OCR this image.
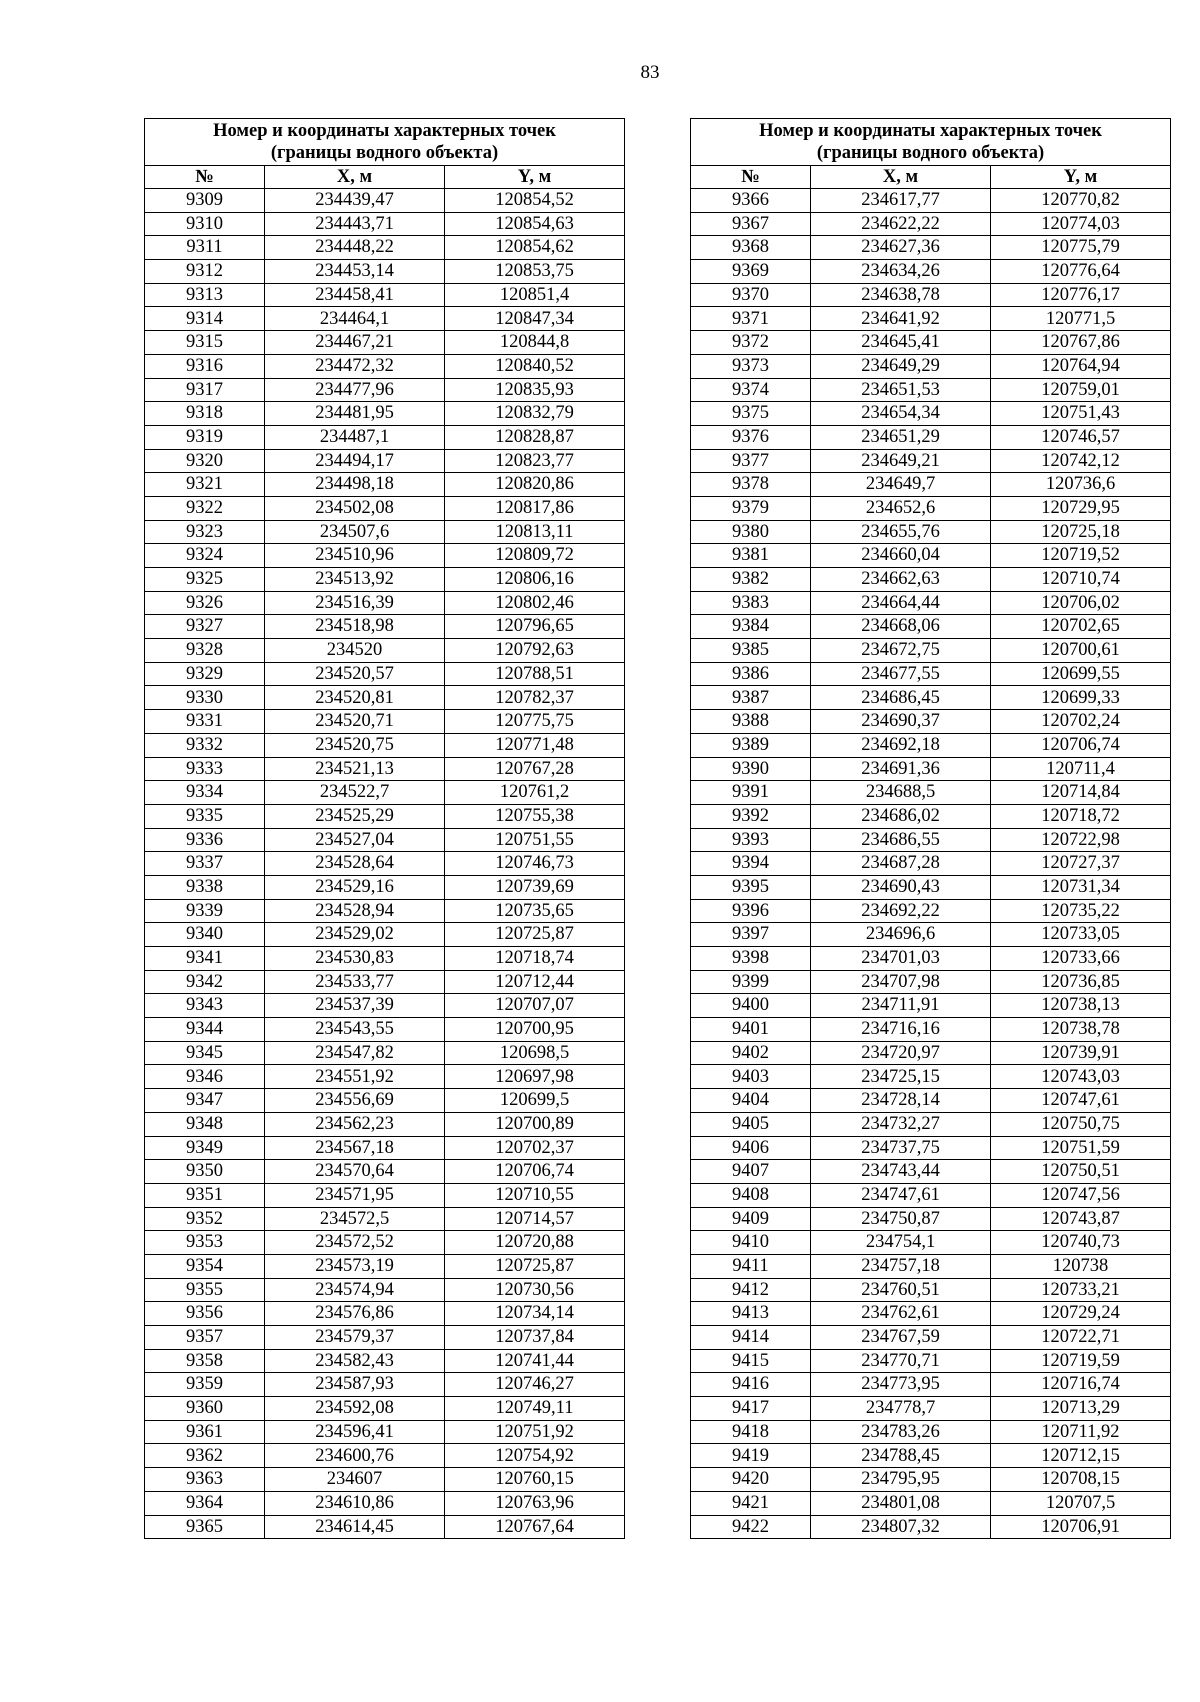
83
Номер и координаты характерных точек
(границы водного объекта)		

№	X, м	Y, м
9309	234439,47	120854,52
9310	234443,71	120854,63
9311	234448,22	120854,62
9312	234453,14	120853,75
9313	234458,41	120851,4
9314	234464,1	120847,34
9315	234467,21	120844,8
9316	234472,32	120840,52
9317	234477,96	120835,93
9318	234481,95	120832,79
9319	234487,1	120828,87
9320	234494,17	120823,77
9321	234498,18	120820,86
9322	234502,08	120817,86
9323	234507,6	120813,11
9324	234510,96	120809,72
9325	234513,92	120806,16
9326	234516,39	120802,46
9327	234518,98	120796,65
9328	234520	120792,63
9329	234520,57	120788,51
9330	234520,81	120782,37
9331	234520,71	120775,75
9332	234520,75	120771,48
9333	234521,13	120767,28
9334	234522,7	120761,2
9335	234525,29	120755,38
9336	234527,04	120751,55
9337	234528,64	120746,73
9338	234529,16	120739,69
9339	234528,94	120735,65
9340	234529,02	120725,87
9341	234530,83	120718,74
9342	234533,77	120712,44
9343	234537,39	120707,07
9344	234543,55	120700,95
9345	234547,82	120698,5
9346	234551,92	120697,98
9347	234556,69	120699,5
9348	234562,23	120700,89
9349	234567,18	120702,37
9350	234570,64	120706,74
9351	234571,95	120710,55
9352	234572,5	120714,57
9353	234572,52	120720,88
9354	234573,19	120725,87
9355	234574,94	120730,56
9356	234576,86	120734,14
9357	234579,37	120737,84
9358	234582,43	120741,44
9359	234587,93	120746,27
9360	234592,08	120749,11
9361	234596,41	120751,92
9362	234600,76	120754,92
9363	234607	120760,15
9364	234610,86	120763,96
9365	234614,45	120767,64
Номер и координаты характерных точек
(границы водного объекта)		

№	X, м	Y, м
9366	234617,77	120770,82
9367	234622,22	120774,03
9368	234627,36	120775,79
9369	234634,26	120776,64
9370	234638,78	120776,17
9371	234641,92	120771,5
9372	234645,41	120767,86
9373	234649,29	120764,94
9374	234651,53	120759,01
9375	234654,34	120751,43
9376	234651,29	120746,57
9377	234649,21	120742,12
9378	234649,7	120736,6
9379	234652,6	120729,95
9380	234655,76	120725,18
9381	234660,04	120719,52
9382	234662,63	120710,74
9383	234664,44	120706,02
9384	234668,06	120702,65
9385	234672,75	120700,61
9386	234677,55	120699,55
9387	234686,45	120699,33
9388	234690,37	120702,24
9389	234692,18	120706,74
9390	234691,36	120711,4
9391	234688,5	120714,84
9392	234686,02	120718,72
9393	234686,55	120722,98
9394	234687,28	120727,37
9395	234690,43	120731,34
9396	234692,22	120735,22
9397	234696,6	120733,05
9398	234701,03	120733,66
9399	234707,98	120736,85
9400	234711,91	120738,13
9401	234716,16	120738,78
9402	234720,97	120739,91
9403	234725,15	120743,03
9404	234728,14	120747,61
9405	234732,27	120750,75
9406	234737,75	120751,59
9407	234743,44	120750,51
9408	234747,61	120747,56
9409	234750,87	120743,87
9410	234754,1	120740,73
9411	234757,18	120738
9412	234760,51	120733,21
9413	234762,61	120729,24
9414	234767,59	120722,71
9415	234770,71	120719,59
9416	234773,95	120716,74
9417	234778,7	120713,29
9418	234783,26	120711,92
9419	234788,45	120712,15
9420	234795,95	120708,15
9421	234801,08	120707,5
9422	234807,32	120706,91
